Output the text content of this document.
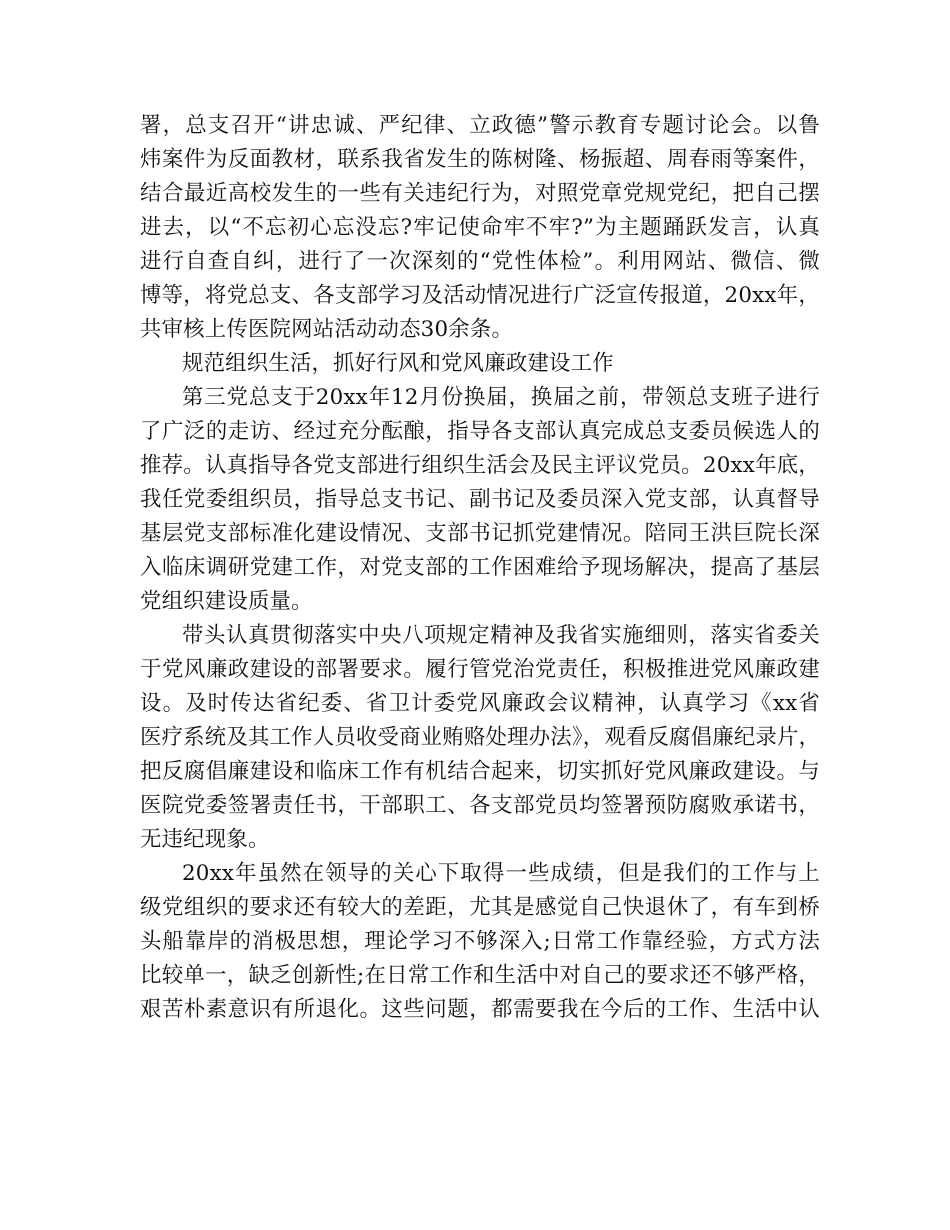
署，总支召开“讲忠诚、严纪律、立政德”警示教育专题讨论会。以鲁
炜案件为反面教材，联系我省发生的陈树隆、杨振超、周春雨等案件，
结合最近高校发生的一些有关违纪行为，对照党章党规党纪，把自己摆
进去，以“不忘初心忘没忘?牢记使命牢不牢?”为主题踊跃发言，认真
进行自查自纠，进行了一次深刻的“党性体检”。利用网站、微信、微
博等，将党总支、各支部学习及活动情况进行广泛宣传报道，20xx年，
共审核上传医院网站活动动态30余条。
规范组织生活，抓好行风和党风廉政建设工作
第三党总支于20xx年12月份换届，换届之前，带领总支班子进行
了广泛的走访、经过充分酝酿，指导各支部认真完成总支委员候选人的
推荐。认真指导各党支部进行组织生活会及民主评议党员。20xx年底，
我任党委组织员，指导总支书记、副书记及委员深入党支部，认真督导
基层党支部标准化建设情况、支部书记抓党建情况。陪同王洪巨院长深
入临床调研党建工作，对党支部的工作困难给予现场解决，提高了基层
党组织建设质量。
带头认真贯彻落实中央八项规定精神及我省实施细则，落实省委关
于党风廉政建设的部署要求。履行管党治党责任，积极推进党风廉政建
设。及时传达省纪委、省卫计委党风廉政会议精神，认真学习《xx省
医疗系统及其工作人员收受商业贿赂处理办法》，观看反腐倡廉纪录片，
把反腐倡廉建设和临床工作有机结合起来，切实抓好党风廉政建设。与
医院党委签署责任书，干部职工、各支部党员均签署预防腐败承诺书，
无违纪现象。
20xx年虽然在领导的关心下取得一些成绩，但是我们的工作与上
级党组织的要求还有较大的差距，尤其是感觉自己快退休了，有车到桥
头船靠岸的消极思想，理论学习不够深入;日常工作靠经验，方式方法
比较单一，缺乏创新性;在日常工作和生活中对自己的要求还不够严格，
艰苦朴素意识有所退化。这些问题，都需要我在今后的工作、生活中认
